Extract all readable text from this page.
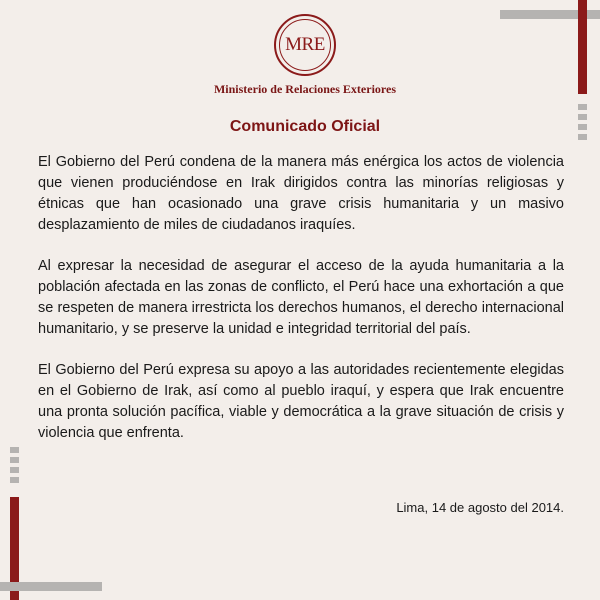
MRE
Ministerio de Relaciones Exteriores
Comunicado Oficial

El Gobierno del Perú condena de la manera más enérgica los actos de violencia que vienen produciéndose en Irak dirigidos contra las minorías religiosas y étnicas que han ocasionado una grave crisis humanitaria y un masivo desplazamiento de miles de ciudadanos iraquíes.

Al expresar la necesidad de asegurar el acceso de la ayuda humanitaria a la población afectada en las zonas de conflicto, el Perú hace una exhortación a que se respeten de manera irrestricta los derechos humanos, el derecho internacional humanitario, y se preserve la unidad e integridad territorial del país.

El Gobierno del Perú expresa su apoyo a las autoridades recientemente elegidas en el Gobierno de Irak, así como al pueblo iraquí, y espera que Irak encuentre una pronta solución pacífica, viable y democrática a la grave situación de crisis y violencia que enfrenta.

Lima, 14 de agosto del 2014.
